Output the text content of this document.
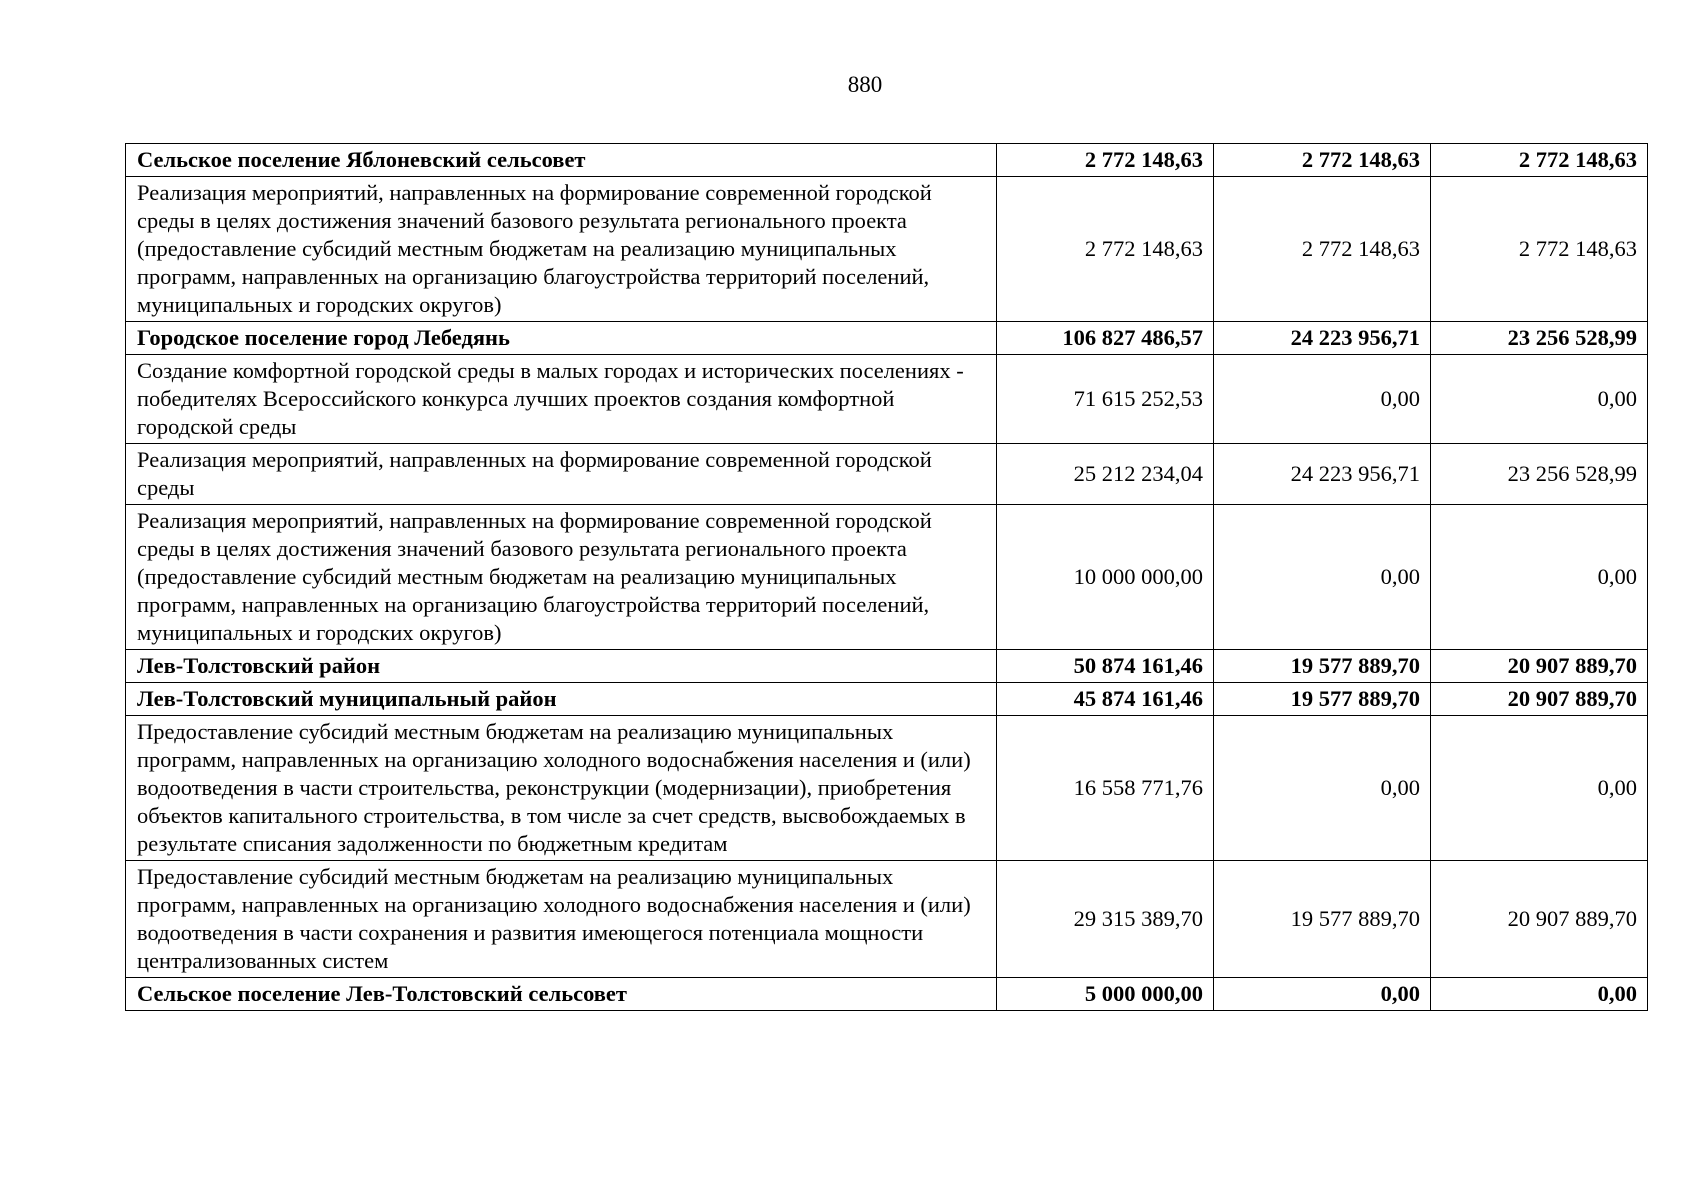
880
Сельское поселение Яблоневский сельсовет	2 772 148,63	2 772 148,63	2 772 148,63
Реализация мероприятий, направленных на формирование современной городской среды в целях достижения значений базового результата регионального проекта (предоставление субсидий местным бюджетам на реализацию муниципальных программ, направленных на организацию благоустройства территорий поселений, муниципальных и городских округов)	2 772 148,63	2 772 148,63	2 772 148,63
Городское поселение город Лебедянь	106 827 486,57	24 223 956,71	23 256 528,99
Создание комфортной городской среды в малых городах и исторических поселениях - победителях Всероссийского конкурса лучших проектов создания комфортной городской среды	71 615 252,53	0,00	0,00
Реализация мероприятий, направленных на формирование современной городской среды	25 212 234,04	24 223 956,71	23 256 528,99
Реализация мероприятий, направленных на формирование современной городской среды в целях достижения значений базового результата регионального проекта (предоставление субсидий местным бюджетам на реализацию муниципальных программ, направленных на организацию благоустройства территорий поселений, муниципальных и городских округов)	10 000 000,00	0,00	0,00
Лев-Толстовский район	50 874 161,46	19 577 889,70	20 907 889,70
Лев-Толстовский муниципальный район	45 874 161,46	19 577 889,70	20 907 889,70
Предоставление субсидий местным бюджетам на реализацию муниципальных программ, направленных на организацию холодного водоснабжения населения и (или) водоотведения в части строительства, реконструкции (модернизации), приобретения объектов капитального строительства, в том числе за счет средств, высвобождаемых в результате списания задолженности по бюджетным кредитам	16 558 771,76	0,00	0,00
Предоставление субсидий местным бюджетам на реализацию муниципальных программ, направленных на организацию холодного водоснабжения населения и (или) водоотведения в части сохранения и развития имеющегося потенциала мощности централизованных систем	29 315 389,70	19 577 889,70	20 907 889,70
Сельское поселение Лев-Толстовский сельсовет	5 000 000,00	0,00	0,00
